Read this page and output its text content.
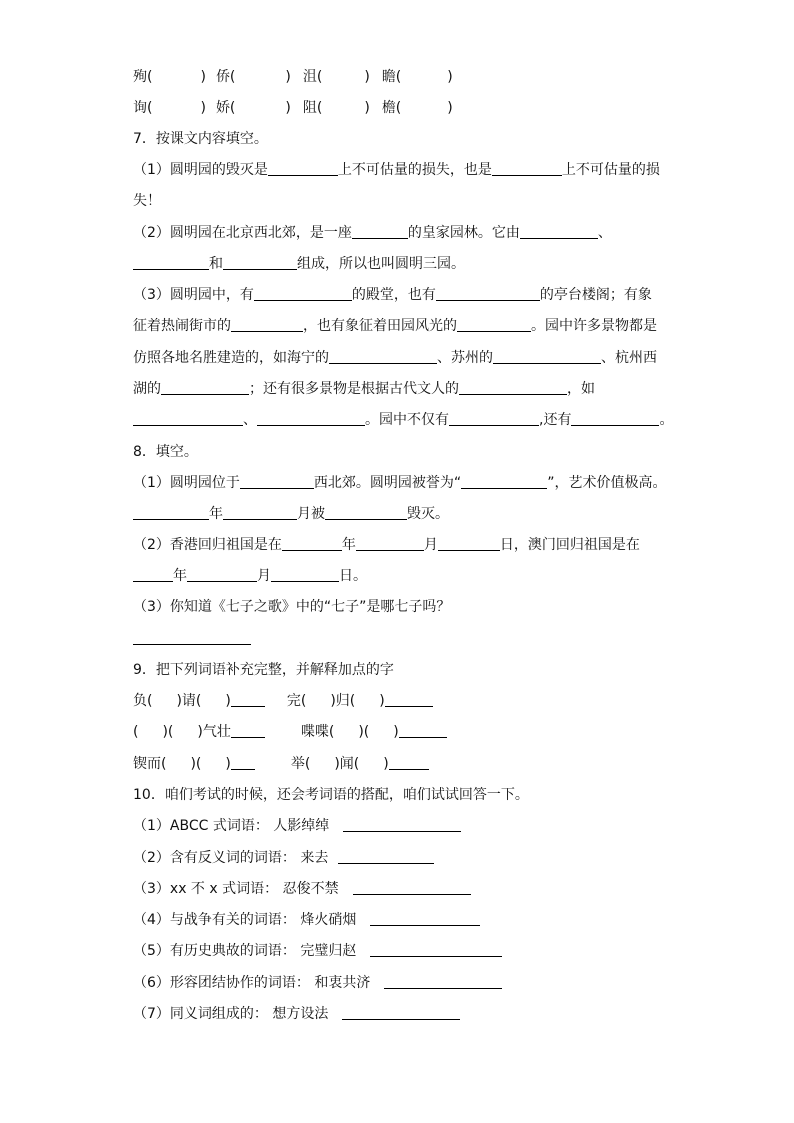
殉(	) 侨(	) 沮(	) 瞻(	)
询(	) 娇(	) 阻(	) 檐(	)
7．按课文内容填空。
（1）圆明园的毁灭是	上不可估量的损失，也是	上不可估量的损
失！
（2）圆明园在北京西北郊，是一座	的皇家园林。它由	、
和	组成，所以也叫圆明三园。
（3）圆明园中，有	的殿堂，也有	的亭台楼阁；有象
征着热闹街市的	，也有象征着田园风光的	。园中许多景物都是
仿照各地名胜建造的，如海宁的	、苏州的	、杭州西
湖的	；还有很多景物是根据古代文人的	，如
、	。园中不仅有	,还有	。
8．填空。
（1）圆明园位于	西北郊。圆明园被誉为“	”，艺术价值极高。
年	月被	毁灭。
（2）香港回归祖国是在	年	月	日，澳门回归祖国是在
年	月	日。
（3）你知道《七子之歌》中的“七子”是哪七子吗？
9．把下列词语补充完整，并解释加点的字
负( )请( )	完( )归( )
( )( )气壮	喋喋( )( )
锲而( )( )	举( )闻( )
10．咱们考试的时候，还会考词语的搭配，咱们试试回答一下。
（1）ABCC 式词语： 人影绰绰
（2）含有反义词的词语： 来去
（3）xx 不 x 式词语： 忍俊不禁
（4）与战争有关的词语： 烽火硝烟
（5）有历史典故的词语： 完璧归赵
（6）形容团结协作的词语： 和衷共济
（7）同义词组成的： 想方设法
